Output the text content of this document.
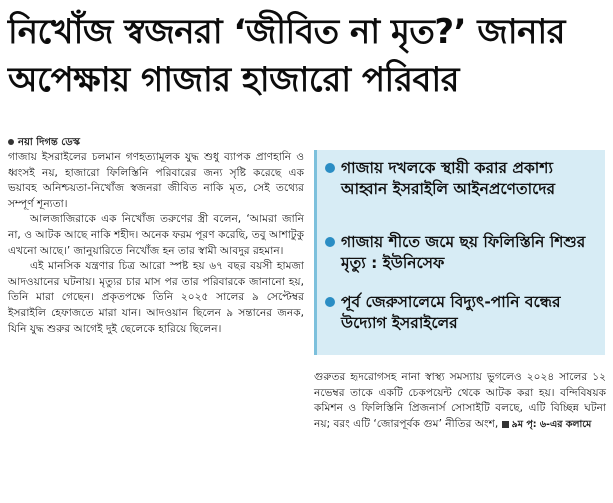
নিখোঁজ স্বজনরা ‘জীবিত না মৃত?’ জানার
অপেক্ষায় গাজার হাজারো পরিবার
নয়া দিগন্ত ডেস্ক

গাজায় ইসরাইলের চলমান গণহত্যামূলক যুদ্ধ শুধু ব্যাপক প্রাণহানি ও ধ্বংসই নয়, হাজারো ফিলিস্তিনি পরিবারের জন্য সৃষ্টি করেছে এক ভয়াবহ অনিশ্চয়তা-নিখোঁজ স্বজনরা জীবিত নাকি মৃত, সেই তথ্যের সম্পূর্ণ শূন্যতা।

আলজাজিরাকে এক নিখোঁজ তরুণের স্ত্রী বলেন, ‘আমরা জানি না, ও আটক আছে নাকি শহীদ। অনেক ফরম পূরণ করেছি, তবু আশাটুকু এখনো আছে।’ জানুয়ারিতে নিখোঁজ হন তার স্বামী আবদুর রহমান।

এই মানসিক যন্ত্রণার চিত্র আরো স্পষ্ট হয় ৬৭ বছর বয়সী হামজা আদওয়ানের ঘটনায়। মৃত্যুর চার মাস পর তার পরিবারকে জানানো হয়, তিনি মারা গেছেন। প্রকৃতপক্ষে তিনি ২০২৫ সালের ৯ সেপ্টেম্বর ইসরাইলি হেফাজতে মারা যান। আদওয়ান ছিলেন ৯ সন্তানের জনক, যিনি যুদ্ধ শুরুর আগেই দুই ছেলেকে হারিয়ে ছিলেন।

গাজায় দখলকে স্থায়ী করার প্রকাশ্য আহ্বান ইসরাইলি আইনপ্রণেতাদের
গাজায় শীতে জমে ছয় ফিলিস্তিনি শিশুর মৃত্যু : ইউনিসেফ
পূর্ব জেরুসালেমে বিদ্যুৎ-পানি বন্ধের উদ্যোগ ইসরাইলের

গুরুতর হৃদরোগসহ নানা স্বাস্থ্য সমস্যায় ভুগলেও ২০২৪ সালের ১২ নভেম্বর তাকে একটি চেকপয়েন্ট থেকে আটক করা হয়। বন্দিবিষয়ক কমিশন ও ফিলিস্তিনি প্রিজনার্স সোসাইটি বলছে, এটি বিচ্ছিন্ন ঘটনা নয়; বরং এটি ‘জোরপূর্বক গুম’ নীতির অংশ, ৯ম পৃ: ৬-এর কলামে
